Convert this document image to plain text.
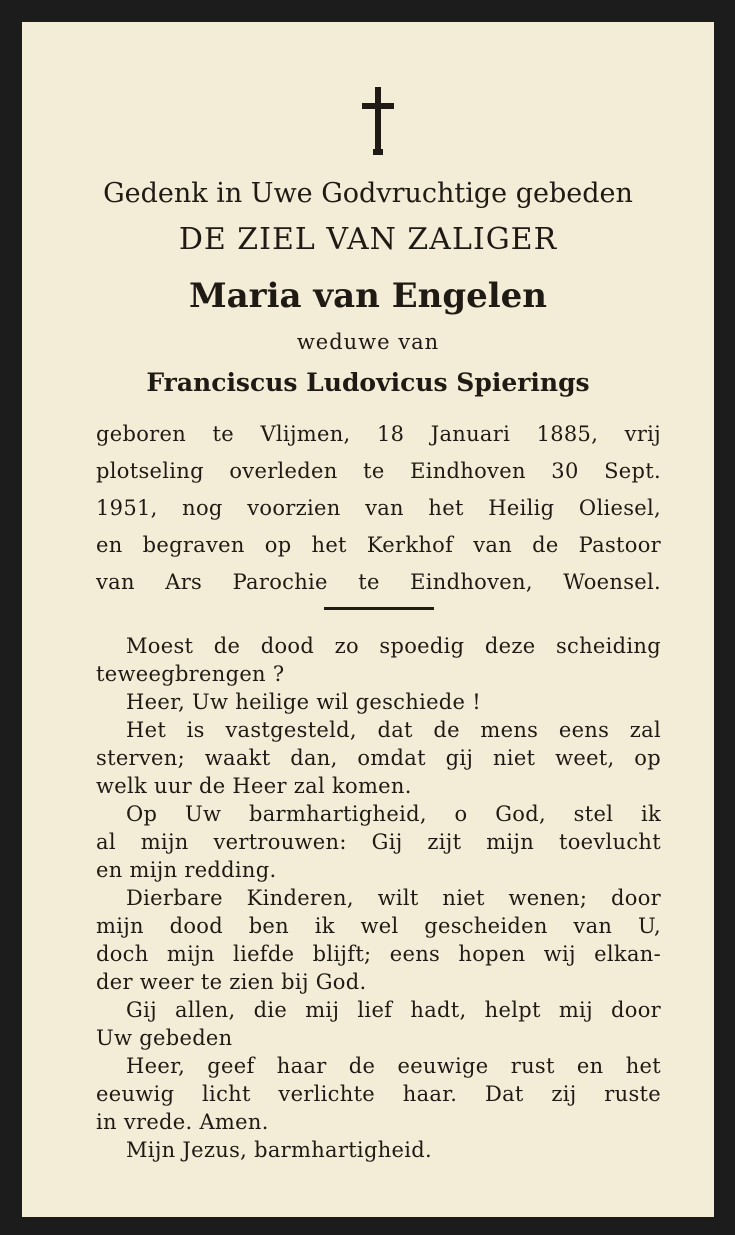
Gedenk in Uwe Godvruchtige gebeden
DE ZIEL VAN ZALIGER
Maria van Engelen
weduwe van
Franciscus Ludovicus Spierings
geboren te Vlijmen, 18 Januari 1885, vrij
plotseling overleden te Eindhoven 30 Sept.
1951, nog voorzien van het Heilig Oliesel,
en begraven op het Kerkhof van de Pastoor
van Ars Parochie te Eindhoven, Woensel.
Moest de dood zo spoedig deze scheiding
teweegbrengen ?
Heer, Uw heilige wil geschiede !
Het is vastgesteld, dat de mens eens zal
sterven; waakt dan, omdat gij niet weet, op
welk uur de Heer zal komen.
Op Uw barmhartigheid, o God, stel ik
al mijn vertrouwen: Gij zijt mijn toevlucht
en mijn redding.
Dierbare Kinderen, wilt niet wenen; door
mijn dood ben ik wel gescheiden van U,
doch mijn liefde blijft; eens hopen wij elkan-
der weer te zien bij God.
Gij allen, die mij lief hadt, helpt mij door
Uw gebeden
Heer, geef haar de eeuwige rust en het
eeuwig licht verlichte haar. Dat zij ruste
in vrede. Amen.
Mijn Jezus, barmhartigheid.
